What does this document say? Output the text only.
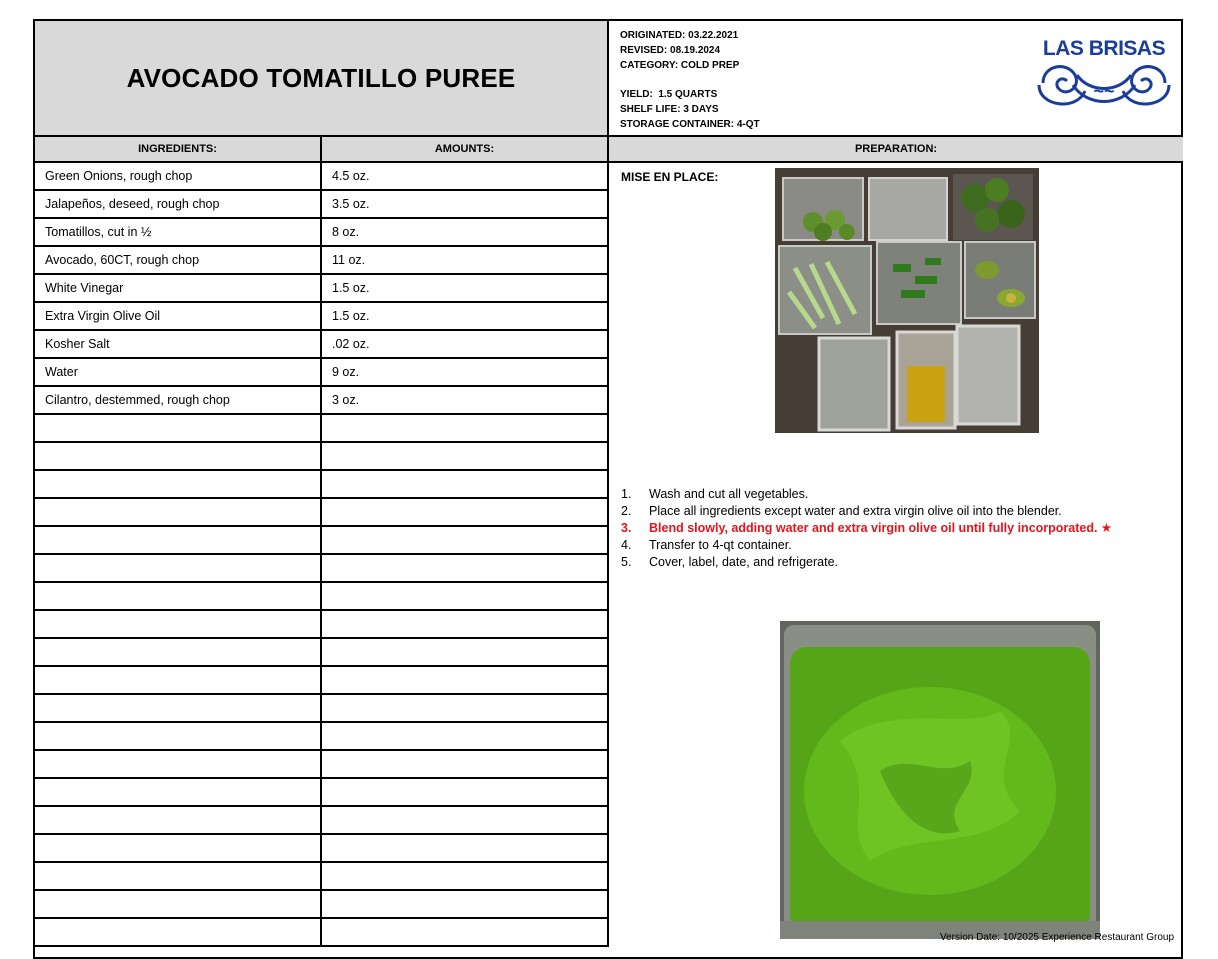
AVOCADO TOMATILLO PUREE
ORIGINATED: 03.22.2021
REVISED: 08.19.2024
CATEGORY: COLD PREP
YIELD:  1.5 QUARTS
SHELF LIFE: 3 DAYS
STORAGE CONTAINER: 4-QT
LAS BRISAS
~~
INGREDIENTS:	AMOUNTS:	PREPARATION:
Green Onions, rough chop	4.5 oz.
Jalapeños, deseed, rough chop	3.5 oz.
Tomatillos, cut in ½	8 oz.
Avocado, 60CT, rough chop	11 oz.
White Vinegar	1.5 oz.
Extra Virgin Olive Oil	1.5 oz.
Kosher Salt	.02 oz.
Water	9 oz.
Cilantro, destemmed, rough chop	3 oz.
MISE EN PLACE:
1.	Wash and cut all vegetables.
2.	Place all ingredients except water and extra virgin olive oil into the blender.
3.	Blend slowly, adding water and extra virgin olive oil until fully incorporated. ★
4.	Transfer to 4-qt container.
5.	Cover, label, date, and refrigerate.
Version Date: 10/2025 Experience Restaurant Group
